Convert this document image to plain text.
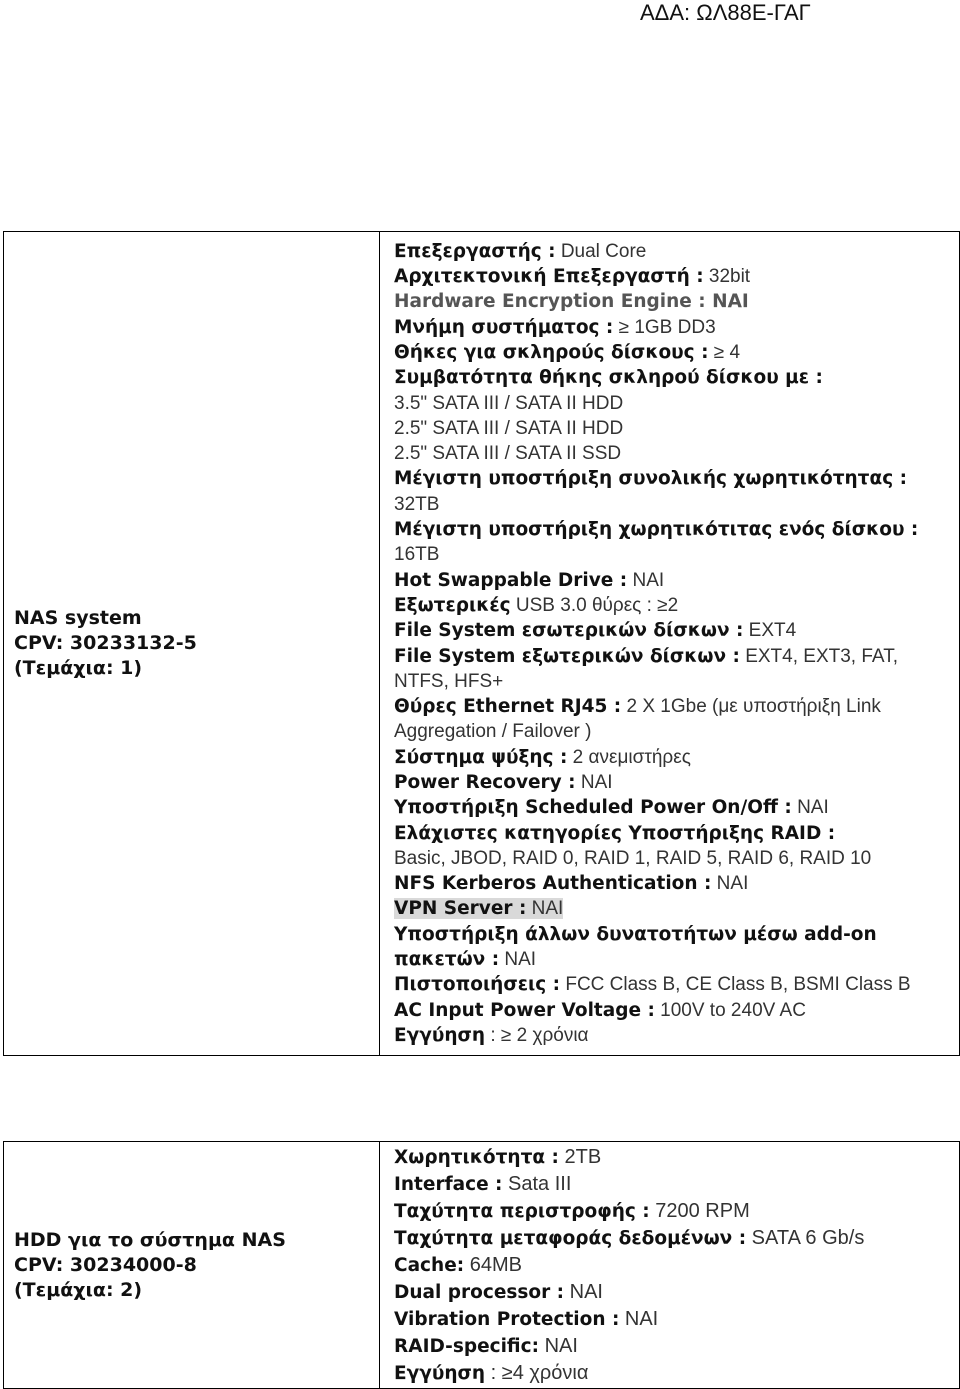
ΑΔΑ: ΩΛ88Ε-ΓΑΓ
NAS system
CPV: 30233132-5
(Τεμάχια: 1)

Επεξεργαστής : Dual Core
Αρχιτεκτονική Επεξεργαστή : 32bit
Hardware Encryption Engine : ΝΑΙ
Μνήμη συστήματος : ≥ 1GB DD3
Θήκες για σκληρούς δίσκους : ≥ 4
Συμβατότητα θήκης σκληρού δίσκου με :
3.5" SATA III / SATA II HDD
2.5" SATA III / SATA II HDD
2.5" SATA III / SATA II SSD
Μέγιστη υποστήριξη συνολικής χωρητικότητας :
32TB
Μέγιστη υποστήριξη χωρητικότιτας ενός δίσκου :
16TB
Hot Swappable Drive : ΝΑΙ
Εξωτερικές USB 3.0 θύρες : ≥2
File System εσωτερικών δίσκων : EXT4
File System εξωτερικών δίσκων : EXT4, EXT3, FAT,
NTFS, HFS+
Θύρες Ethernet RJ45 : 2 X 1Gbe (με υποστήριξη Link
Aggregation / Failover )
Σύστημα ψύξης : 2 ανεμιστήρες
Power Recovery : ΝΑΙ
Υποστήριξη Scheduled Power On/Off : ΝΑΙ
Ελάχιστες κατηγορίες Υποστήριξης RAID :
Basic, JBOD, RAID 0, RAID 1, RAID 5, RAID 6, RAID 10
NFS Kerberos Authentication : ΝΑΙ
VPN Server : ΝΑΙ
Υποστήριξη άλλων δυνατοτήτων μέσω add-on
πακετών : ΝΑΙ
Πιστοποιήσεις : FCC Class B, CE Class B, BSMI Class B
AC Input Power Voltage : 100V to 240V AC
Εγγύηση : ≥ 2 χρόνια
HDD για το σύστημα NAS
CPV: 30234000-8
(Τεμάχια: 2)

Χωρητικότητα : 2TB
Interface : Sata III
Ταχύτητα περιστροφής : 7200 RPM
Ταχύτητα μεταφοράς δεδομένων : SATA 6 Gb/s
Cache: 64MB
Dual processor : ΝΑΙ
Vibration Protection : ΝΑΙ
RAID-specific: ΝΑΙ
Εγγύηση : ≥4 χρόνια
